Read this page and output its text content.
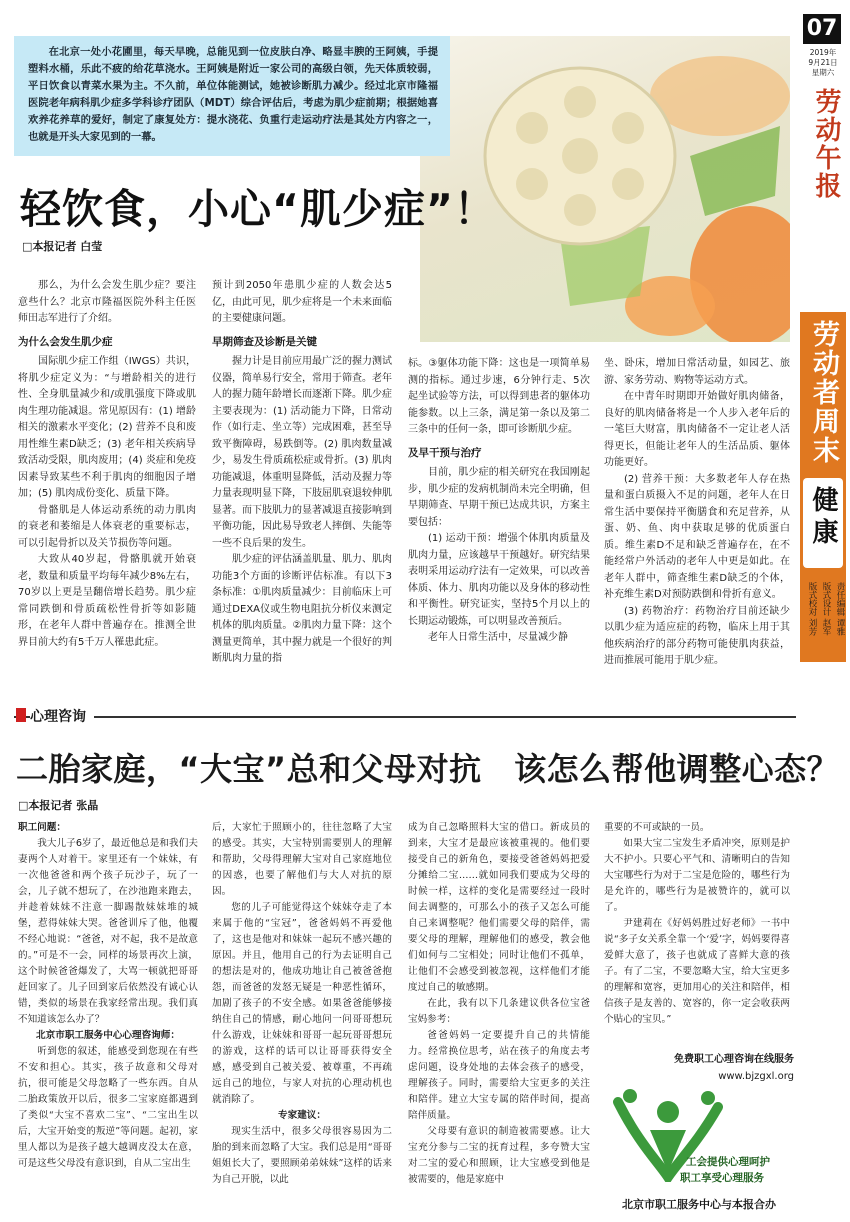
在北京一处小花圃里，每天早晚，总能见到一位皮肤白净、略显丰腴的王阿姨，手提塑料水桶，乐此不疲的给花草浇水。王阿姨是附近一家公司的高级白领，先天体质较弱，平日饮食以青菜水果为主。不久前，单位体能测试，她被诊断肌力减少。经过北京市隆福医院老年病科肌少症多学科诊疗团队（MDT）综合评估后，考虑为肌少症前期；根据她喜欢养花养草的爱好，制定了康复处方：提水浇花、负重行走运动疗法是其处方内容之一，也就是开头大家见到的一幕。

轻饮食，小心“肌少症”！
□本报记者 白莹
07
2019年
9月21日
星期六
劳动午报
劳动者周末
健康
责任编辑 谭雅
版式设计 赵军
版式校对 刘芳

那么，为什么会发生肌少症？要注意些什么？北京市隆福医院外科主任医师田志军进行了介绍。

为什么会发生肌少症

国际肌少症工作组（IWGS）共识，将肌少症定义为：“与增龄相关的进行性、全身肌量减少和/或肌强度下降或肌肉生理功能减退。常见原因有：(1) 增龄相关的激素水平变化；(2) 营养不良和废用性维生素D缺乏；(3) 老年相关疾病导致活动受限，肌肉废用；(4) 炎症和免疫因素导致某些不利于肌肉的细胞因子增加；(5) 肌肉成份变化、质量下降。

骨骼肌是人体运动系统的动力肌肉的衰老和萎缩是人体衰老的重要标志，可以引起骨折以及关节损伤等问题。

大致从40岁起，骨骼肌就开始衰老，数量和质量平均每年减少8%左右，70岁以上更是呈翻倍增长趋势。肌少症常同跌倒和骨质疏松性骨折等如影随形，在老年人群中普遍存在。推测全世界目前大约有5千万人罹患此症。

预计到2050年患肌少症的人数会达5亿，由此可见，肌少症将是一个未来面临的主要健康问题。

早期筛查及诊断是关键

握力计是目前应用最广泛的握力测试仪器，简单易行安全，常用于筛查。老年人的握力随年龄增长而逐渐下降。肌少症主要表现为：(1) 活动能力下降，日常动作（如行走、坐立等）完成困难，甚至导致平衡障碍，易跌倒等。(2) 肌肉数量减少，易发生骨质疏松症或骨折。(3) 肌肉功能减退，体重明显降低，活动及握力等力量表现明显下降，下肢屈肌衰退较伸肌显著。而下肢肌力的显著减退直接影响到平衡功能，因此易导致老人摔倒、失能等一些不良后果的发生。

肌少症的评估涵盖肌量、肌力、肌肉功能3个方面的诊断评估标准。有以下3条标准：①肌肉质量减少：目前临床上可通过DEXA仪或生物电阻抗分析仪来测定机体的肌肉质量。②肌肉力量下降：这个测量更简单，其中握力就是一个很好的判断肌肉力量的指

标。③躯体功能下降：这也是一项简单易测的指标。通过步速，6分钟行走、5次起坐试验等方法，可以得到患者的躯体功能参数。以上三条，满足第一条以及第二三条中的任何一条，即可诊断肌少症。

及早干预与治疗

目前，肌少症的相关研究在我国刚起步，肌少症的发病机制尚未完全明确，但早期筛查、早期干预已达成共识，方案主要包括：

(1) 运动干预：增强个体肌肉质量及肌肉力量，应该越早干预越好。研究结果表明采用运动疗法有一定效果，可以改善体质、体力、肌肉功能以及身体的移动性和平衡性。研究证实，坚持5个月以上的长期运动锻炼，可以明显改善预后。

老年人日常生活中，尽量减少静

坐、卧床，增加日常活动量，如园艺、旅游、家务劳动、购物等运动方式。

在中青年时期即开始做好肌肉储备，良好的肌肉储备将是一个人步入老年后的一笔巨大财富，肌肉储备不一定让老人活得更长，但能让老年人的生活品质、躯体功能更好。

(2) 营养干预：大多数老年人存在热量和蛋白质摄入不足的问题，老年人在日常生活中要保持平衡膳食和充足营养，从蛋、奶、鱼、肉中获取足够的优质蛋白质。维生素D不足和缺乏普遍存在，在不能经常户外活动的老年人中更是如此。在老年人群中，筛查维生素D缺乏的个体，补充维生素D对预防跌倒和骨折有意义。

(3) 药物治疗：药物治疗目前还缺少以肌少症为适应症的药物，临床上用于其他疾病治疗的部分药物可能使肌肉获益，进而推展可能用于肌少症。

心理咨询
二胎家庭，“大宝”总和父母对抗　该怎么帮他调整心态？
□本报记者 张晶

职工问题：

我大儿子6岁了，最近他总是和我们夫妻两个人对着干。家里还有一个妹妹，有一次他爸爸和两个孩子玩沙子，玩了一会，儿子就不想玩了，在沙池跑来跑去，并趁着妹妹不注意一脚踢散妹妹堆的城堡，惹得妹妹大哭。爸爸训斥了他，他覆不经心地说：“爸爸，对不起，我不是故意的。”可是不一会，同样的场景再次上演，这个时候爸爸爆发了，大骂一顿就把哥哥赶回家了。儿子回到家后依然没有诚心认错，类似的场景在我家经常出现。我们真不知道该怎么办了？

北京市职工服务中心心理咨询师：

听到您的叙述，能感受到您现在有些不安和担心。其实，孩子故意和父母对抗，很可能是父母忽略了一些东西。自从二胎政策放开以后，很多二宝家庭都遇到了类似“大宝不喜欢二宝”、“二宝出生以后，大宝开始变的叛逆”等问题。起初，家里人都以为是孩子越大越调皮没太在意，可是这些父母没有意识到，自从二宝出生

后，大家忙于照顾小的，往往忽略了大宝的感受。其实，大宝特别需要别人的理解和帮助，父母得理解大宝对自己家庭地位的因惑，也要了解他们与大人对抗的原因。

您的儿子可能觉得这个妹妹夺走了本来属于他的“宝冠”，爸爸妈妈不再爱他了，这也是他对和妹妹一起玩不感兴趣的原因。并且，他用自己的行为去证明自己的想法是对的，他成功地让自己被爸爸抱怨，而爸爸的发怒无疑是一种恶性循环，加剧了孩子的不安全感。如果爸爸能够接纳住自己的情感，耐心地问一问哥哥想玩什么游戏，让妹妹和哥哥一起玩哥哥想玩的游戏，这样的话可以让哥哥获得安全感，感受到自己被关爱、被尊重，不再疏远自己的地位，与家人对抗的心理动机也就消除了。

专家建议：

现实生活中，很多父母很容易因为二胎的到来而忽略了大宝。我们总是用“哥哥姐姐长大了，要照顾弟弟妹妹”这样的话来为自己开脱，以此

成为自己忽略照料大宝的借口。新成员的到来，大宝才是最应该被重视的。他们要接受自己的新角色，要接受爸爸妈妈把爱分摊给二宝……就如同我们要成为父母的时候一样，这样的变化是需要经过一段时间去调整的，可那么小的孩子又怎么可能自己来调整呢？他们需要父母的陪伴，需要父母的理解，理解他们的感受，教会他们如何与二宝相处；同时让他们不孤单，让他们不会感受到被忽视，这样他们才能度过自己的敏感期。

在此，我有以下几条建议供各位宝爸宝妈参考：

爸爸妈妈一定要提升自己的共情能力。经常换位思考，站在孩子的角度去考虑问题，设身处地的去体会孩子的感受，理解孩子。同时，需要给大宝更多的关注和陪伴。建立大宝专属的陪伴时间，提高陪伴质量。

父母要有意识的制造被需要感。让大宝充分参与二宝的抚育过程，多夸赞大宝对二宝的爱心和照顾，让大宝感受到他是被需要的，他是家庭中

重要的不可或缺的一员。

如果大宝二宝发生矛盾冲突，原则是护大不护小。只要心平气和、清晰明白的告知大宝哪些行为对于二宝是危险的，哪些行为是允许的，哪些行为是被赞许的，就可以了。

尹建莉在《好妈妈胜过好老师》一书中说“多子女关系全靠一个‘爱’字，妈妈要得喜爱鲜大意了，孩子也就成了喜鲜大意的孩子。有了二宝，不要忽略大宝，给大宝更多的理解和宽容，更加用心的关注和陪伴，相信孩子是友善的、宽容的，你一定会收获两个贴心的宝贝。”

免费职工心理咨询在线服务
www.bjzgxl.org
工会提供心理呵护
职工享受心理服务
北京市职工服务中心与本报合办
